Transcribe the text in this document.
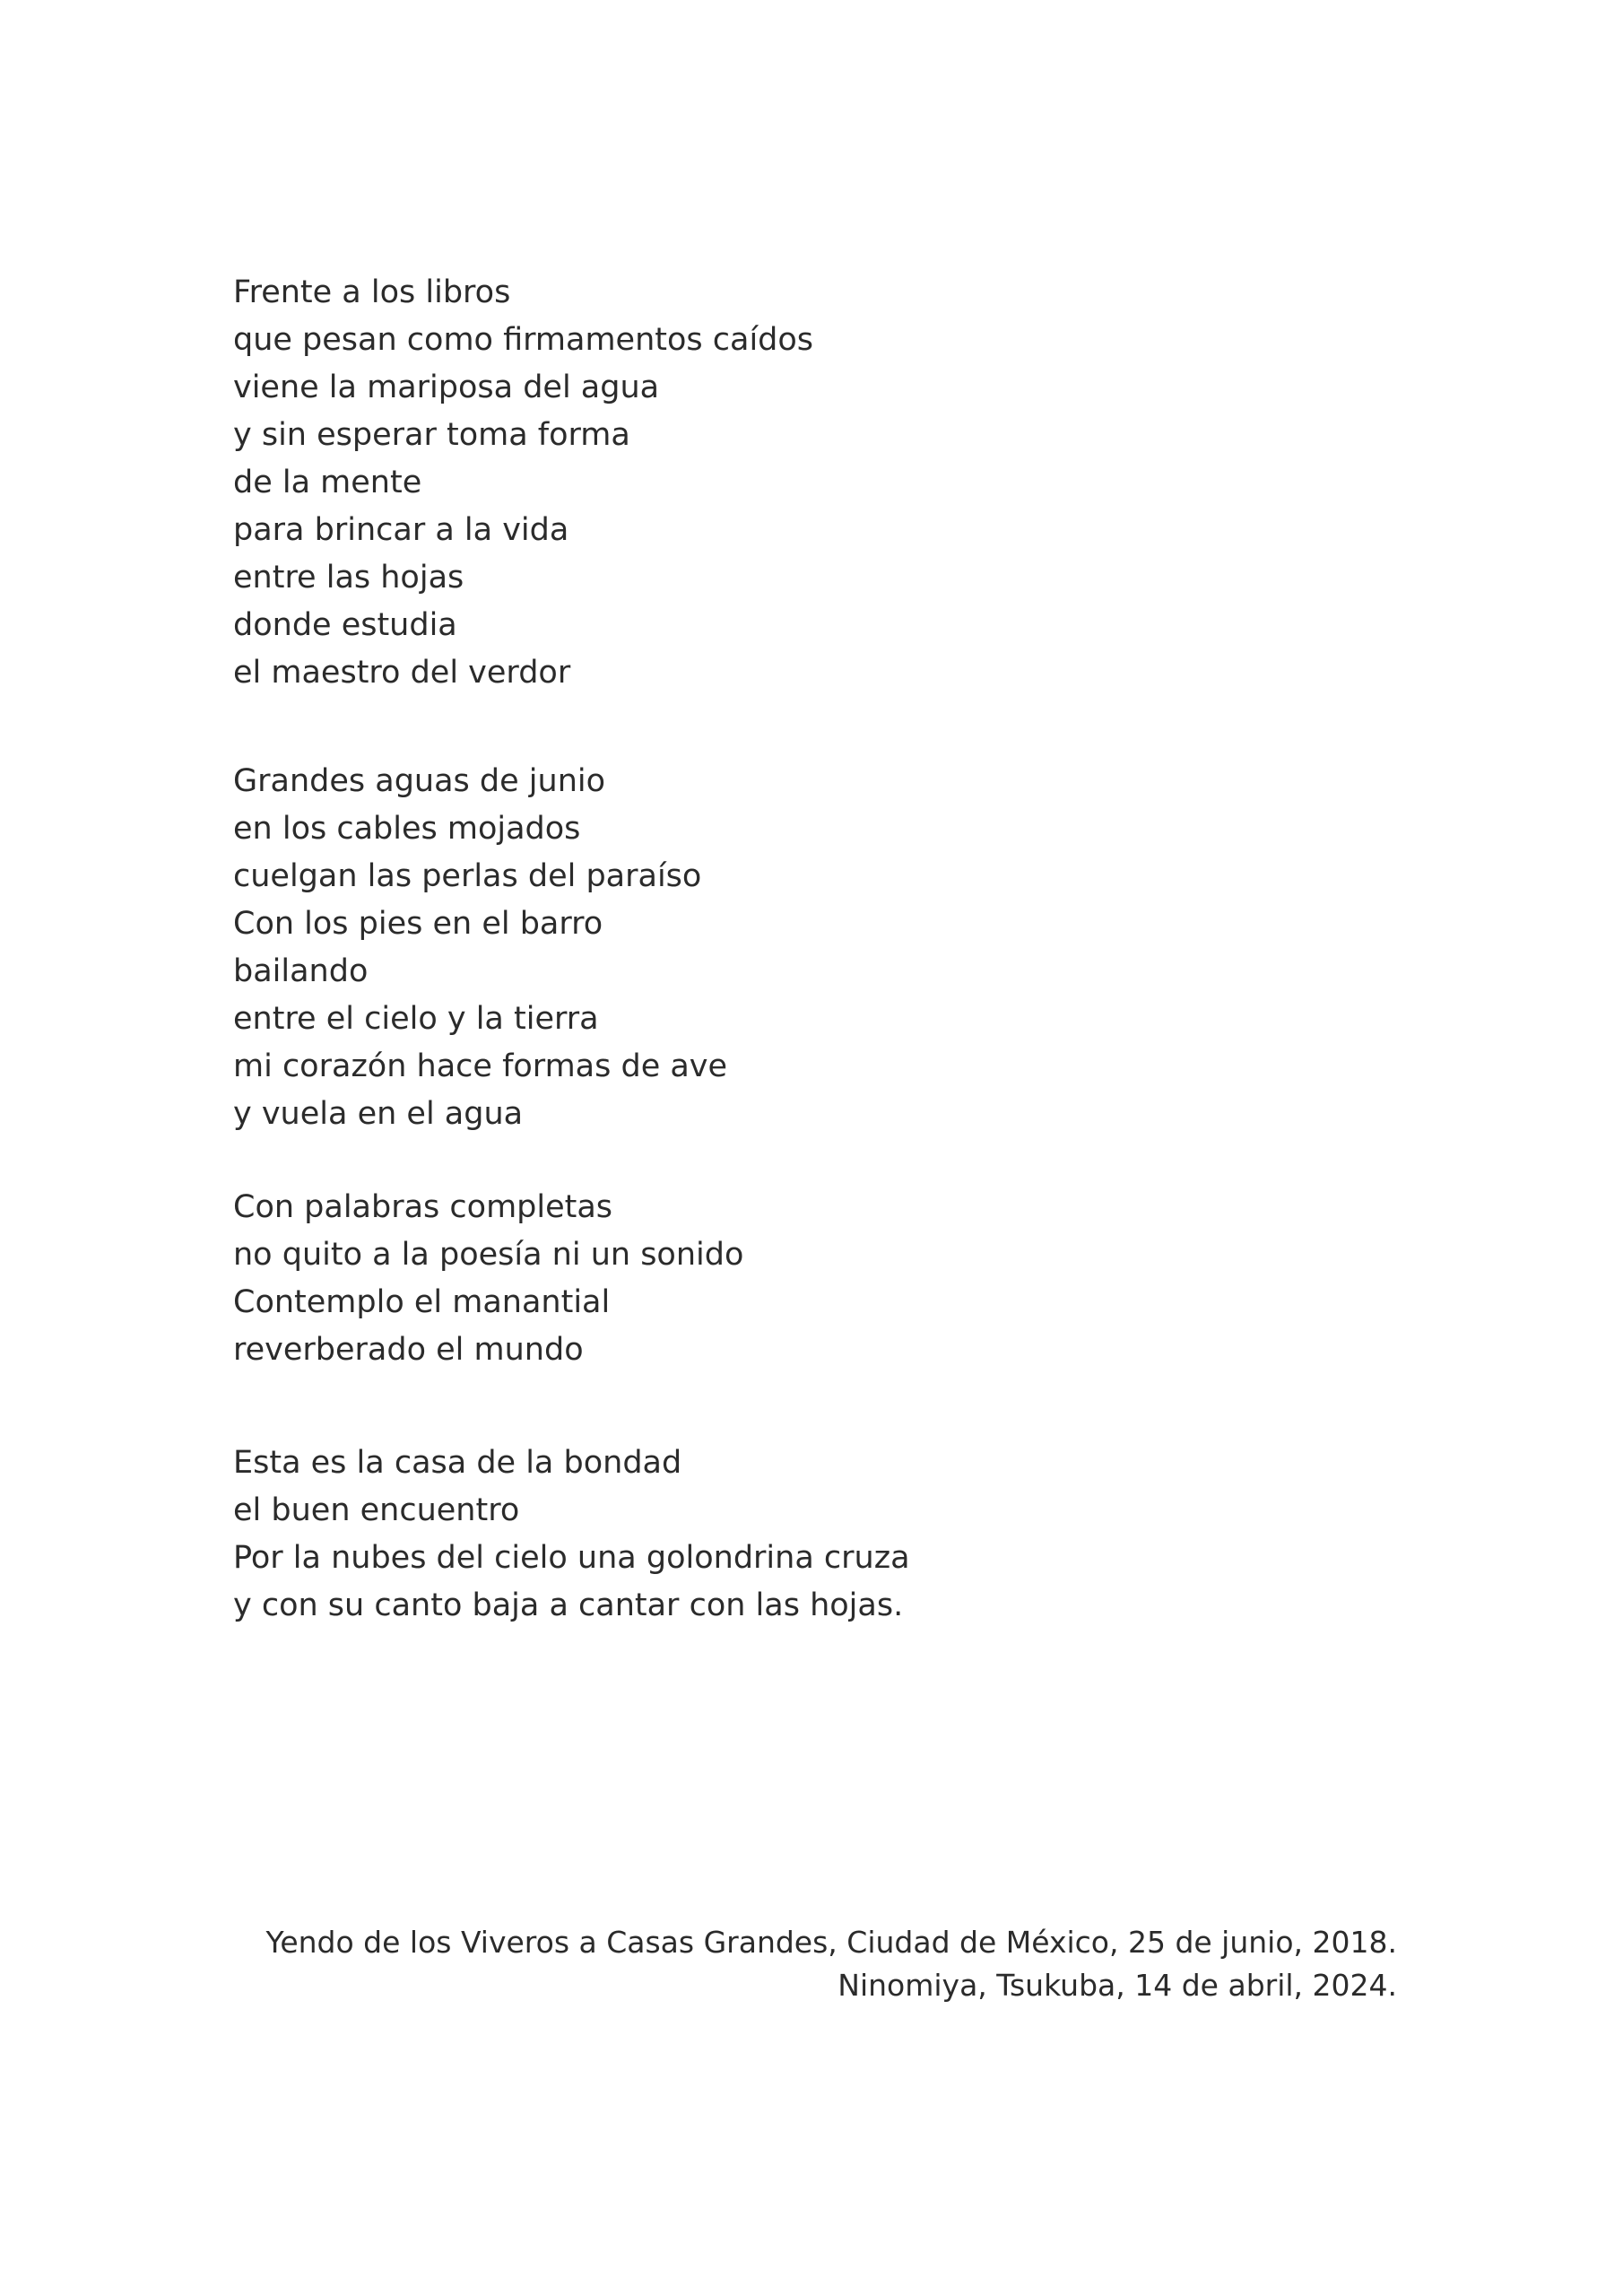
Frente a los libros
que pesan como firmamentos caídos
viene la mariposa del agua
y sin esperar toma forma
de la mente
para brincar a la vida
entre las hojas
donde estudia
el maestro del verdor
Grandes aguas de junio
en los cables mojados
cuelgan las perlas del paraíso
Con los pies en el barro
bailando
entre el cielo y la tierra
mi corazón hace formas de ave
y vuela en el agua
Con palabras completas
no quito a la poesía ni un sonido
Contemplo el manantial
reverberado el mundo
Esta es la casa de la bondad
el buen encuentro
Por la nubes del cielo una golondrina cruza
y con su canto baja a cantar con las hojas.
Yendo de los Viveros a Casas Grandes, Ciudad de México, 25 de junio, 2018.
Ninomiya, Tsukuba, 14 de abril, 2024.
